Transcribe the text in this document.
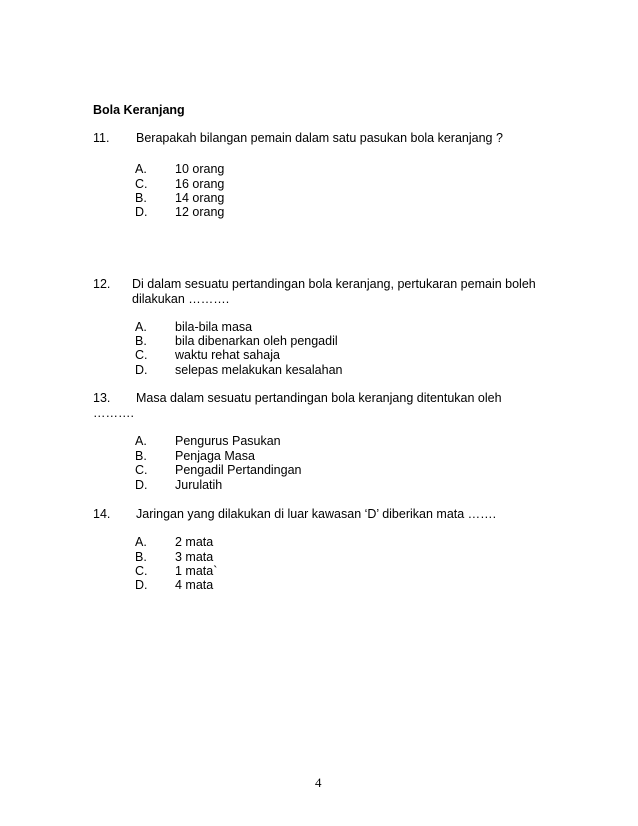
Bola Keranjang
11. Berapakah bilangan pemain dalam satu pasukan bola keranjang ?
A. 10 orang
C. 16 orang
B. 14 orang
D. 12 orang
12. Di dalam sesuatu pertandingan bola keranjang, pertukaran pemain boleh
dilakukan ……….
A. bila-bila masa
B. bila dibenarkan oleh pengadil
C. waktu rehat sahaja
D. selepas melakukan kesalahan
13. Masa dalam sesuatu pertandingan bola keranjang ditentukan oleh
……….
A. Pengurus Pasukan
B. Penjaga Masa
C. Pengadil Pertandingan
D. Jurulatih
14. Jaringan yang dilakukan di luar kawasan ‘D’ diberikan mata …….
A. 2 mata
B. 3 mata
C. 1 mata`
D. 4 mata
4
